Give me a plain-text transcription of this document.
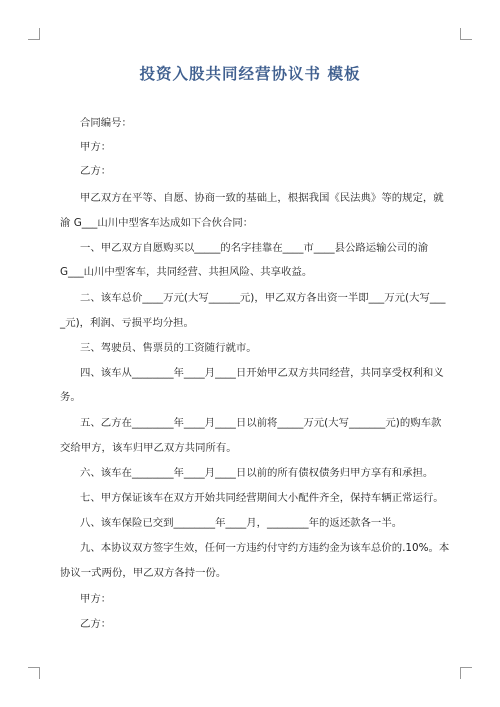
投资入股共同经营协议书 模板
合同编号：
甲方：
乙方：
甲乙双方在平等、自愿、协商一致的基础上，根据我国《民法典》等的规定，就
渝 G___山川中型客车达成如下合伙合同：
一、甲乙双方自愿购买以_____的名字挂靠在____市____县公路运输公司的渝
G___山川中型客车，共同经营、共担风险、共享收益。
二、该车总价____万元(大写______元)，甲乙双方各出资一半即___万元(大写___
_元)，利润、亏损平均分担。
三、驾驶员、售票员的工资随行就市。
四、该车从________年____月____日开始甲乙双方共同经营，共同享受权利和义
务。
五、乙方在________年____月____日以前将_____万元(大写_______元)的购车款
交给甲方，该车归甲乙双方共同所有。
六、该车在________年____月____日以前的所有债权债务归甲方享有和承担。
七、甲方保证该车在双方开始共同经营期间大小配件齐全，保持车辆正常运行。
八、该车保险已交到________年____月，________年的返还款各一半。
九、本协议双方签字生效，任何一方违约付守约方违约金为该车总价的.10%。本
协议一式两份，甲乙双方各持一份。
甲方：
乙方：
